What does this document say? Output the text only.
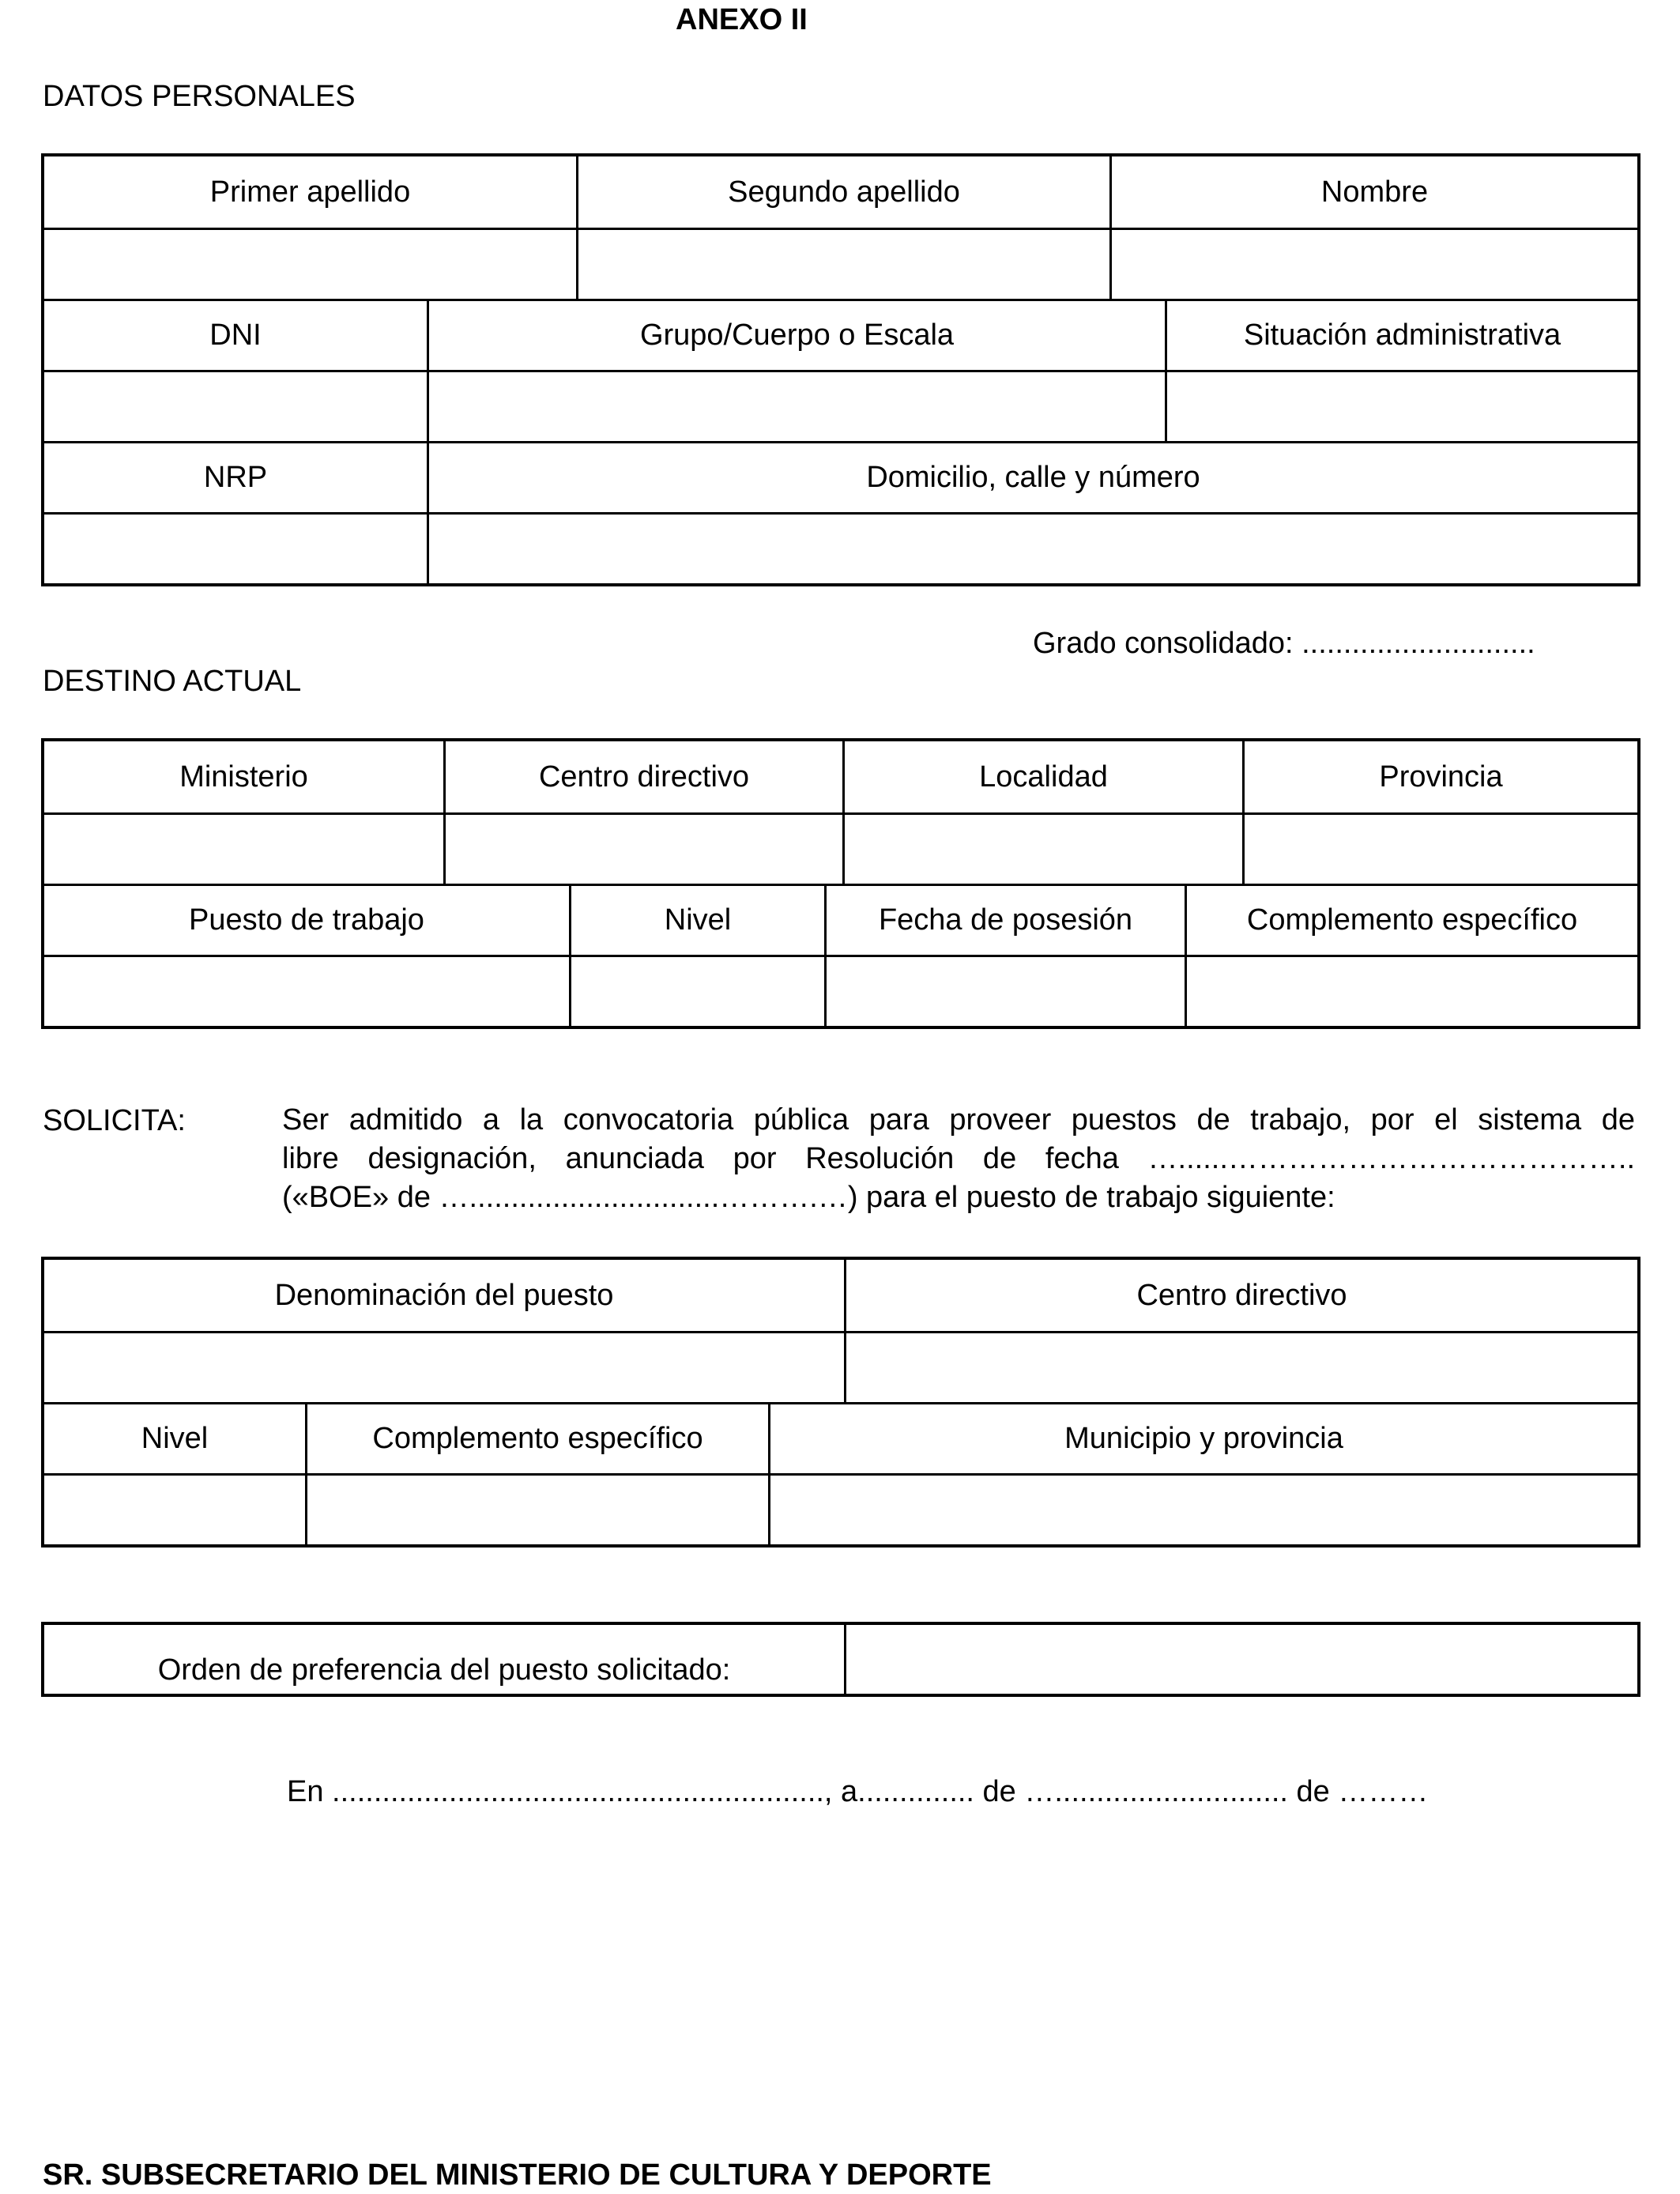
ANEXO II
DATOS PERSONALES
Primer apellido	Segundo apellido	Nombre
DNI	Grupo/Cuerpo o Escala	Situación administrativa
NRP	Domicilio, calle y número
Grado consolidado: ............................
DESTINO ACTUAL
Ministerio	Centro directivo	Localidad	Provincia
Puesto de trabajo	Nivel	Fecha de posesión	Complemento específico
SOLICITA:	Ser admitido a la convocatoria pública para proveer puestos de trabajo, por el sistema de
libre designación, anunciada por Resolución de fecha …......…………………………………..
(«BOE» de …..............................……….…) para el puesto de trabajo siguiente:
Denominación del puesto	Centro directivo
Nivel	Complemento específico	Municipio y provincia
Orden de preferencia del puesto solicitado:
En ..........................................................., a.............. de …............................ de ………
SR. SUBSECRETARIO DEL MINISTERIO DE CULTURA Y DEPORTE
